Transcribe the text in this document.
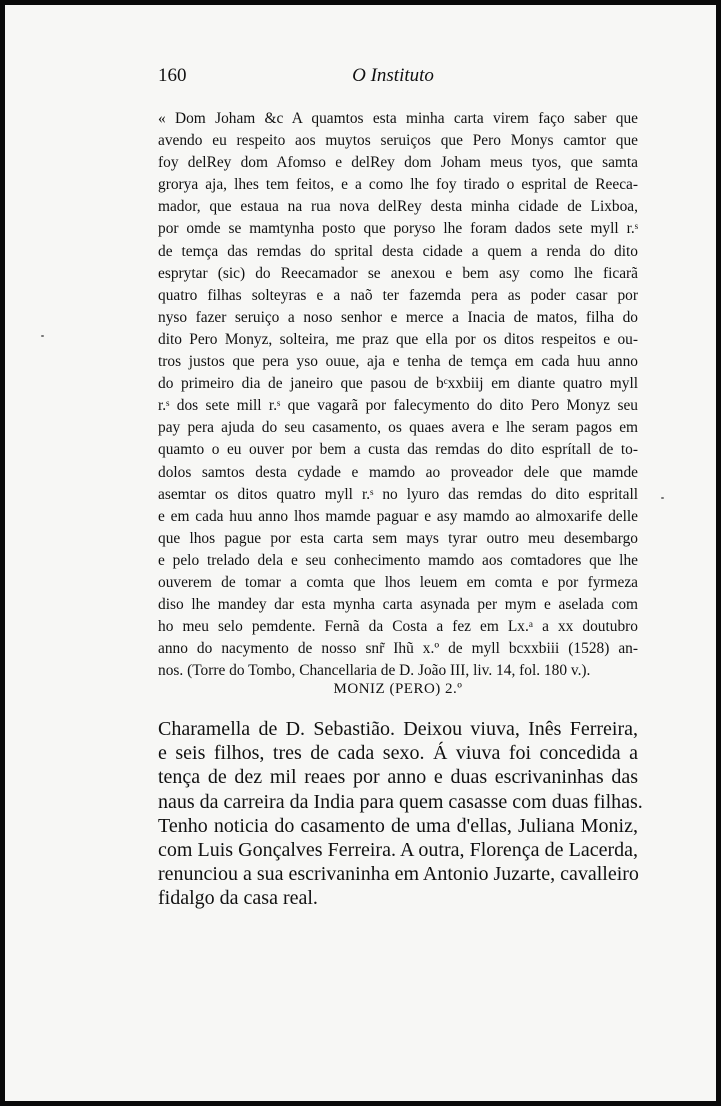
160	O Instituto
« Dom Joham &c A quamtos esta minha carta virem faço saber que
avendo eu respeito aos muytos seruiços que Pero Monys camtor que
foy delRey dom Afomso e delRey dom Joham meus tyos, que samta
grorya aja, lhes tem feitos, e a como lhe foy tirado o esprital de Reeca-
mador, que estaua na rua nova delRey desta minha cidade de Lixboa,
por omde se mamtynha posto que poryso lhe foram dados sete myll r.ˢ
de temça das remdas do sprital desta cidade a quem a renda do dito
esprytar (sic) do Reecamador se anexou e bem asy como lhe ficarã
quatro filhas solteyras e a naõ ter fazemda pera as poder casar por
nyso fazer seruiço a noso senhor e merce a Inacia de matos, filha do
dito Pero Monyz, solteira, me praz que ella por os ditos respeitos e ou-
tros justos que pera yso ouue, aja e tenha de temça em cada huu anno
do primeiro dia de janeiro que pasou de bᶜxxbiij em diante quatro myll
r.ˢ dos sete mill r.ˢ que vagarã por falecymento do dito Pero Monyz seu
pay pera ajuda do seu casamento, os quaes avera e lhe seram pagos em
quamto o eu ouver por bem a custa das remdas do dito esprítall de to-
dolos samtos desta cydade e mamdo ao proveador dele que mamde
asemtar os ditos quatro myll r.ˢ no lyuro das remdas do dito espritall
e em cada huu anno lhos mamde paguar e asy mamdo ao almoxarife delle
que lhos pague por esta carta sem mays tyrar outro meu desembargo
e pelo trelado dela e seu conhecimento mamdo aos comtadores que lhe
ouverem de tomar a comta que lhos leuem em comta e por fyrmeza
diso lhe mandey dar esta mynha carta asynada per mym e aselada com
ho meu selo pemdente. Fernã da Costa a fez em Lx.ᵃ a xx doutubro
anno do nacymento de nosso snr̃ Ihũ x.º de myll bcxxbiii (1528) an-
nos. (Torre do Tombo, Chancellaria de D. João III, liv. 14, fol. 180 v.).
MONIZ (PERO) 2.º
Charamella de D. Sebastião. Deixou viuva, Inês Ferreira,
e seis filhos, tres de cada sexo. Á viuva foi concedida a
tença de dez mil reaes por anno e duas escrivaninhas das
naus da carreira da India para quem casasse com duas filhas.
Tenho noticia do casamento de uma d'ellas, Juliana Moniz,
com Luis Gonçalves Ferreira. A outra, Florença de Lacerda,
renunciou a sua escrivaninha em Antonio Juzarte, cavalleiro
fidalgo da casa real.
